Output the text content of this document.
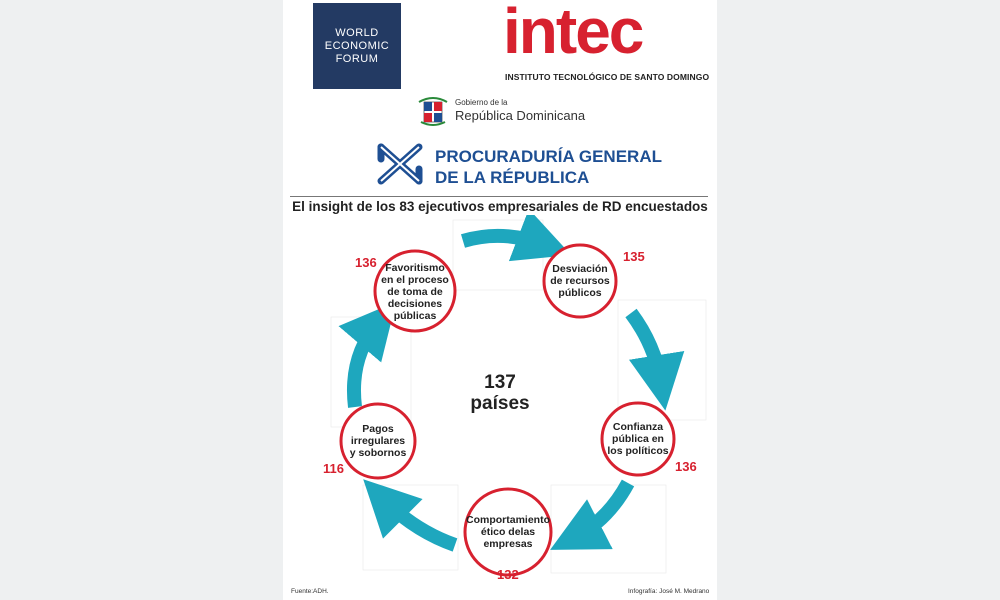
WORLD
ECONOMIC
FORUM intec
INSTITUTO TECNOLÓGICO DE SANTO DOMINGO
Gobierno de la
República Dominicana
PROCURADURÍA GENERAL
DE LA RÉPUBLICA
El insight de los 83 ejecutivos empresariales de RD encuestados
Favoritismo en el proceso de toma de decisiones públicas
Desviación de recursos públicos
Confianza pública en los políticos
Comportamiento ético delas empresas
Pagos irregulares y sobornos
136	135
136
132
116
137
países
Fuente:ADH.	Infografía: José M. Medrano
